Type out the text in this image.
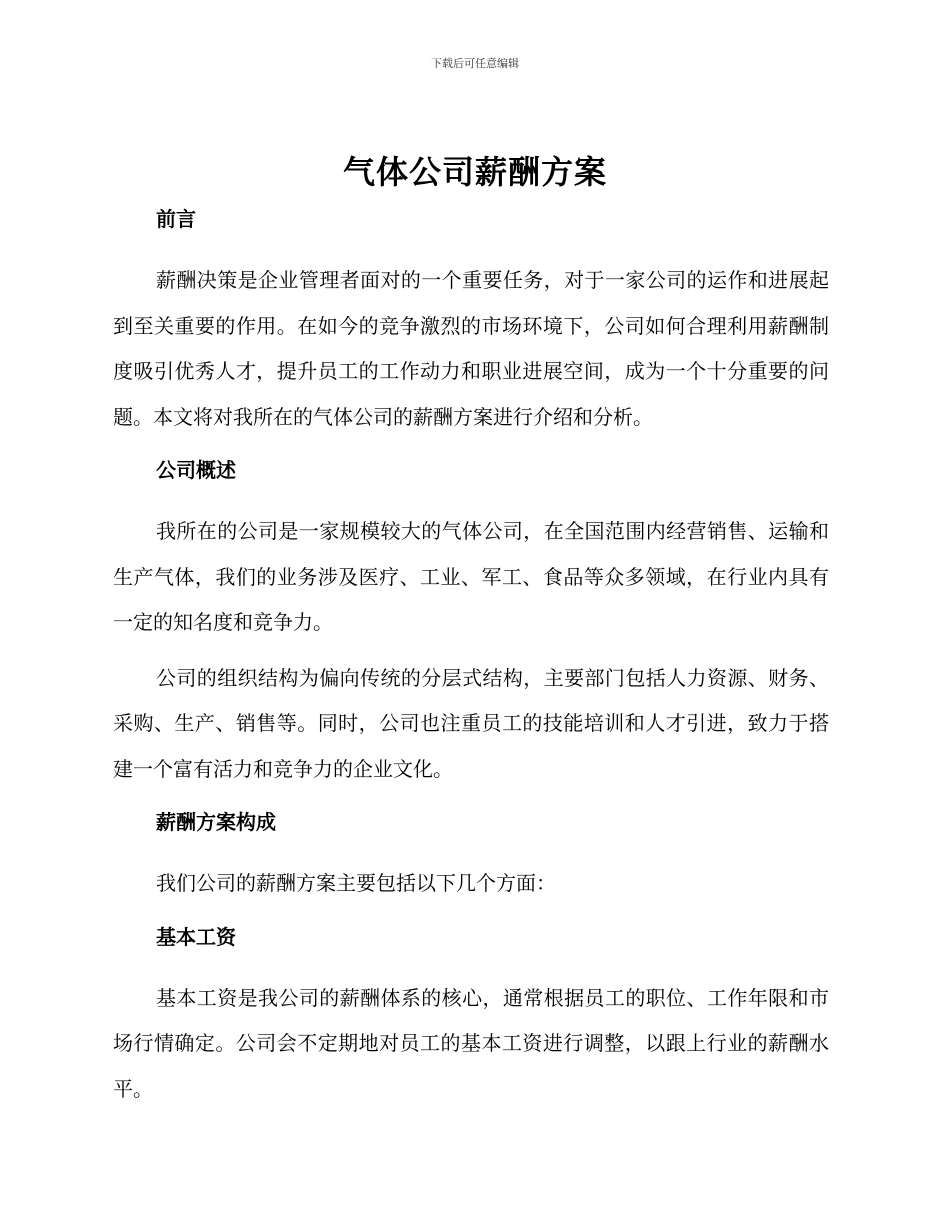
下载后可任意编辑
气体公司薪酬方案
前言

薪酬决策是企业管理者面对的一个重要任务，对于一家公司的运作和进展起到至关重要的作用。在如今的竞争激烈的市场环境下，公司如何合理利用薪酬制度吸引优秀人才，提升员工的工作动力和职业进展空间，成为一个十分重要的问题。本文将对我所在的气体公司的薪酬方案进行介绍和分析。

公司概述

我所在的公司是一家规模较大的气体公司，在全国范围内经营销售、运输和生产气体，我们的业务涉及医疗、工业、军工、食品等众多领域，在行业内具有一定的知名度和竞争力。

公司的组织结构为偏向传统的分层式结构，主要部门包括人力资源、财务、采购、生产、销售等。同时，公司也注重员工的技能培训和人才引进，致力于搭建一个富有活力和竞争力的企业文化。

薪酬方案构成

我们公司的薪酬方案主要包括以下几个方面：

基本工资

基本工资是我公司的薪酬体系的核心，通常根据员工的职位、工作年限和市场行情确定。公司会不定期地对员工的基本工资进行调整，以跟上行业的薪酬水平。
